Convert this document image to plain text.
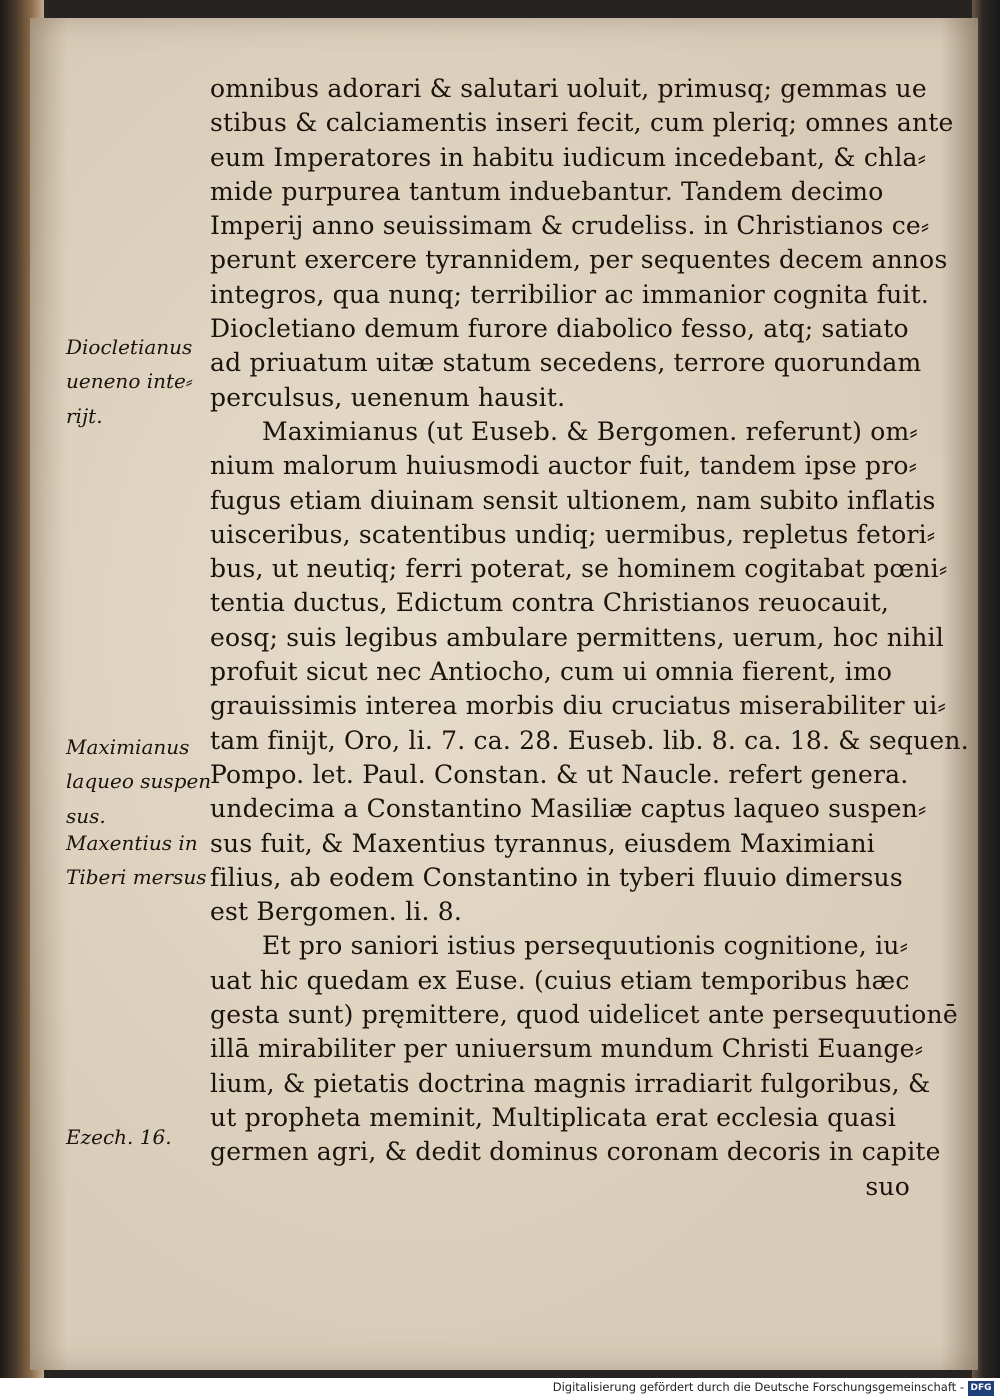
omnibus adorari & salutari uoluit, primusq; gemmas ue
stibus & calciamentis inseri fecit, cum pleriq; omnes ante
eum Imperatores in habitu iudicum incedebant, & chla⸗
mide purpurea tantum induebantur. Tandem decimo
Imperij anno seuissimam & crudeliss. in Christianos ce⸗
perunt exercere tyrannidem, per sequentes decem annos
integros, qua nunq; terribilior ac immanior cognita fuit.
Diocletiano demum furore diabolico fesso, atq; satiato
ad priuatum uitæ statum secedens, terrore quorundam
perculsus, uenenum hausit.
Maximianus (ut Euseb. & Bergomen. referunt) om⸗
nium malorum huiusmodi auctor fuit, tandem ipse pro⸗
fugus etiam diuinam sensit ultionem, nam subito inflatis
uisceribus, scatentibus undiq; uermibus, repletus fetori⸗
bus, ut neutiq; ferri poterat, se hominem cogitabat pœni⸗
tentia ductus, Edictum contra Christianos reuocauit,
eosq; suis legibus ambulare permittens, uerum, hoc nihil
profuit sicut nec Antiocho, cum ui omnia fierent, imo
grauissimis interea morbis diu cruciatus miserabiliter ui⸗
tam finijt, Oro, li. 7. ca. 28. Euseb. lib. 8. ca. 18. & sequen.
Pompo. let. Paul. Constan. & ut Naucle. refert genera.
undecima a Constantino Masiliæ captus laqueo suspen⸗
sus fuit, & Maxentius tyrannus, eiusdem Maximiani
filius, ab eodem Constantino in tyberi fluuio dimersus
est Bergomen. li. 8.
Et pro saniori istius persequutionis cognitione, iu⸗
uat hic quedam ex Euse. (cuius etiam temporibus hæc
gesta sunt) pręmittere, quod uidelicet ante persequutionē
illā mirabiliter per uniuersum mundum Christi Euange⸗
lium, & pietatis doctrina magnis irradiarit fulgoribus, &
ut propheta meminit, Multiplicata erat ecclesia quasi
germen agri, & dedit dominus coronam decoris in capite
suo
Diocletianus
ueneno inte⸗
rijt.
Maximianus
laqueo suspen
sus.
Maxentius in
Tiberi mersus
Ezech. 16.
Digitalisierung gefördert durch die Deutsche Forschungsgemeinschaft - DFG
